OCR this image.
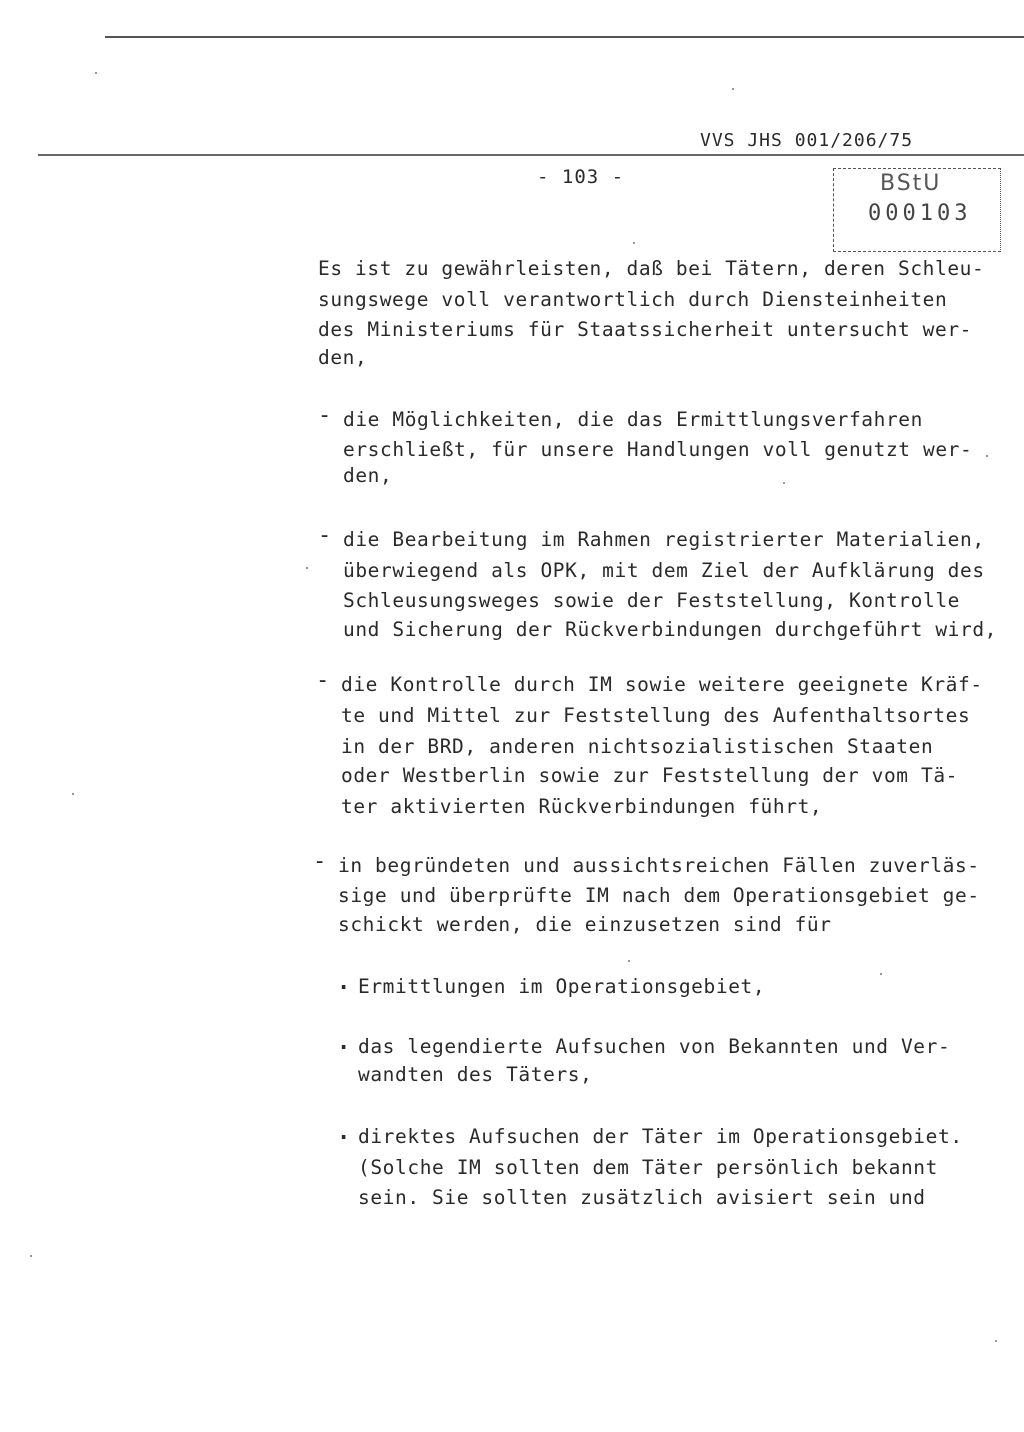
VVS JHS 001/206/75
- 103 -	BStU
000103
Es ist zu gewährleisten, daß bei Tätern, deren Schleu-
sungswege voll verantwortlich durch Diensteinheiten
des Ministeriums für Staatssicherheit untersucht wer-
den,
- die Möglichkeiten, die das Ermittlungsverfahren
erschließt, für unsere Handlungen voll genutzt wer-
den,
- die Bearbeitung im Rahmen registrierter Materialien,
überwiegend als OPK, mit dem Ziel der Aufklärung des
Schleusungsweges sowie der Feststellung, Kontrolle
und Sicherung der Rückverbindungen durchgeführt wird,
- die Kontrolle durch IM sowie weitere geeignete Kräf-
te und Mittel zur Feststellung des Aufenthaltsortes
in der BRD, anderen nichtsozialistischen Staaten
oder Westberlin sowie zur Feststellung der vom Tä-
ter aktivierten Rückverbindungen führt,
- in begründeten und aussichtsreichen Fällen zuverläs-
sige und überprüfte IM nach dem Operationsgebiet ge-
schickt werden, die einzusetzen sind für
. Ermittlungen im Operationsgebiet,
. das legendierte Aufsuchen von Bekannten und Ver-
wandten des Täters,
. direktes Aufsuchen der Täter im Operationsgebiet.
(Solche IM sollten dem Täter persönlich bekannt
sein. Sie sollten zusätzlich avisiert sein und
